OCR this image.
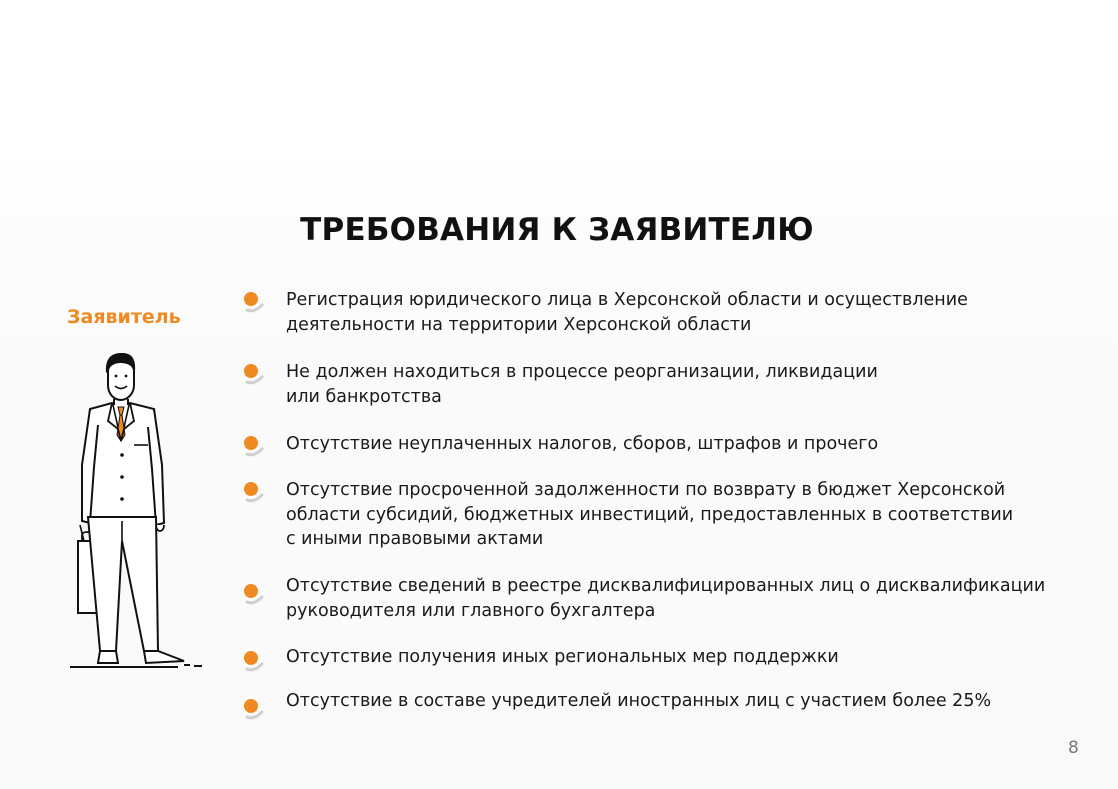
ТРЕБОВАНИЯ К ЗАЯВИТЕЛЮ
Заявитель
Регистрация юридического лица в Херсонской области и осуществление
деятельности на территории Херсонской области
Не должен находиться в процессе реорганизации, ликвидации
или банкротства
Отсутствие неуплаченных налогов, сборов, штрафов и прочего
Отсутствие просроченной задолженности по возврату в бюджет Херсонской
области субсидий, бюджетных инвестиций, предоставленных в соответствии
с иными правовыми актами
Отсутствие сведений в реестре дисквалифицированных лиц о дисквалификации
руководителя или главного бухгалтера
Отсутствие получения иных региональных мер поддержки
Отсутствие в составе учредителей иностранных лиц с участием более 25%
8
